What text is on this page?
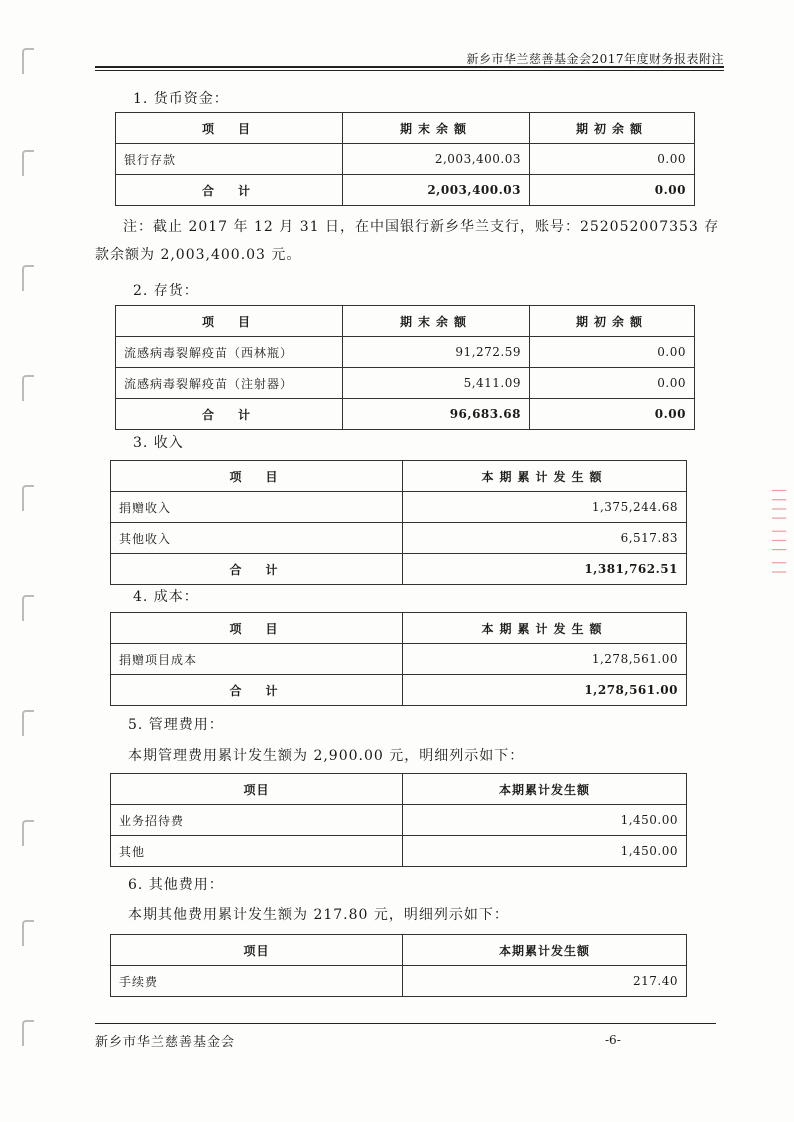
▏▏▏▏ ▏▏▏ ▏▏
新乡市华兰慈善基金会2017年度财务报表附注
1. 货币资金：
项　目	期末余额	期初余额
银行存款	2,003,400.03	0.00
合　计	2,003,400.03	0.00
注：截止 2017 年 12 月 31 日，在中国银行新乡华兰支行，账号：252052007353 存款余额为 2,003,400.03 元。
2. 存货：
项　目	期末余额	期初余额
流感病毒裂解疫苗（西林瓶）	91,272.59	0.00
流感病毒裂解疫苗（注射器）	5,411.09	0.00
合　计	96,683.68	0.00
3. 收入
项　目	本期累计发生额
捐赠收入	1,375,244.68
其他收入	6,517.83
合　计	1,381,762.51
4. 成本：
项　目	本期累计发生额
捐赠项目成本	1,278,561.00
合　计	1,278,561.00
5. 管理费用：
本期管理费用累计发生额为 2,900.00 元，明细列示如下：
项目	本期累计发生额
业务招待费	1,450.00
其他	1,450.00
6. 其他费用：
本期其他费用累计发生额为 217.80 元，明细列示如下：
项目	本期累计发生额
手续费	217.40
新乡市华兰慈善基金会	-6-
